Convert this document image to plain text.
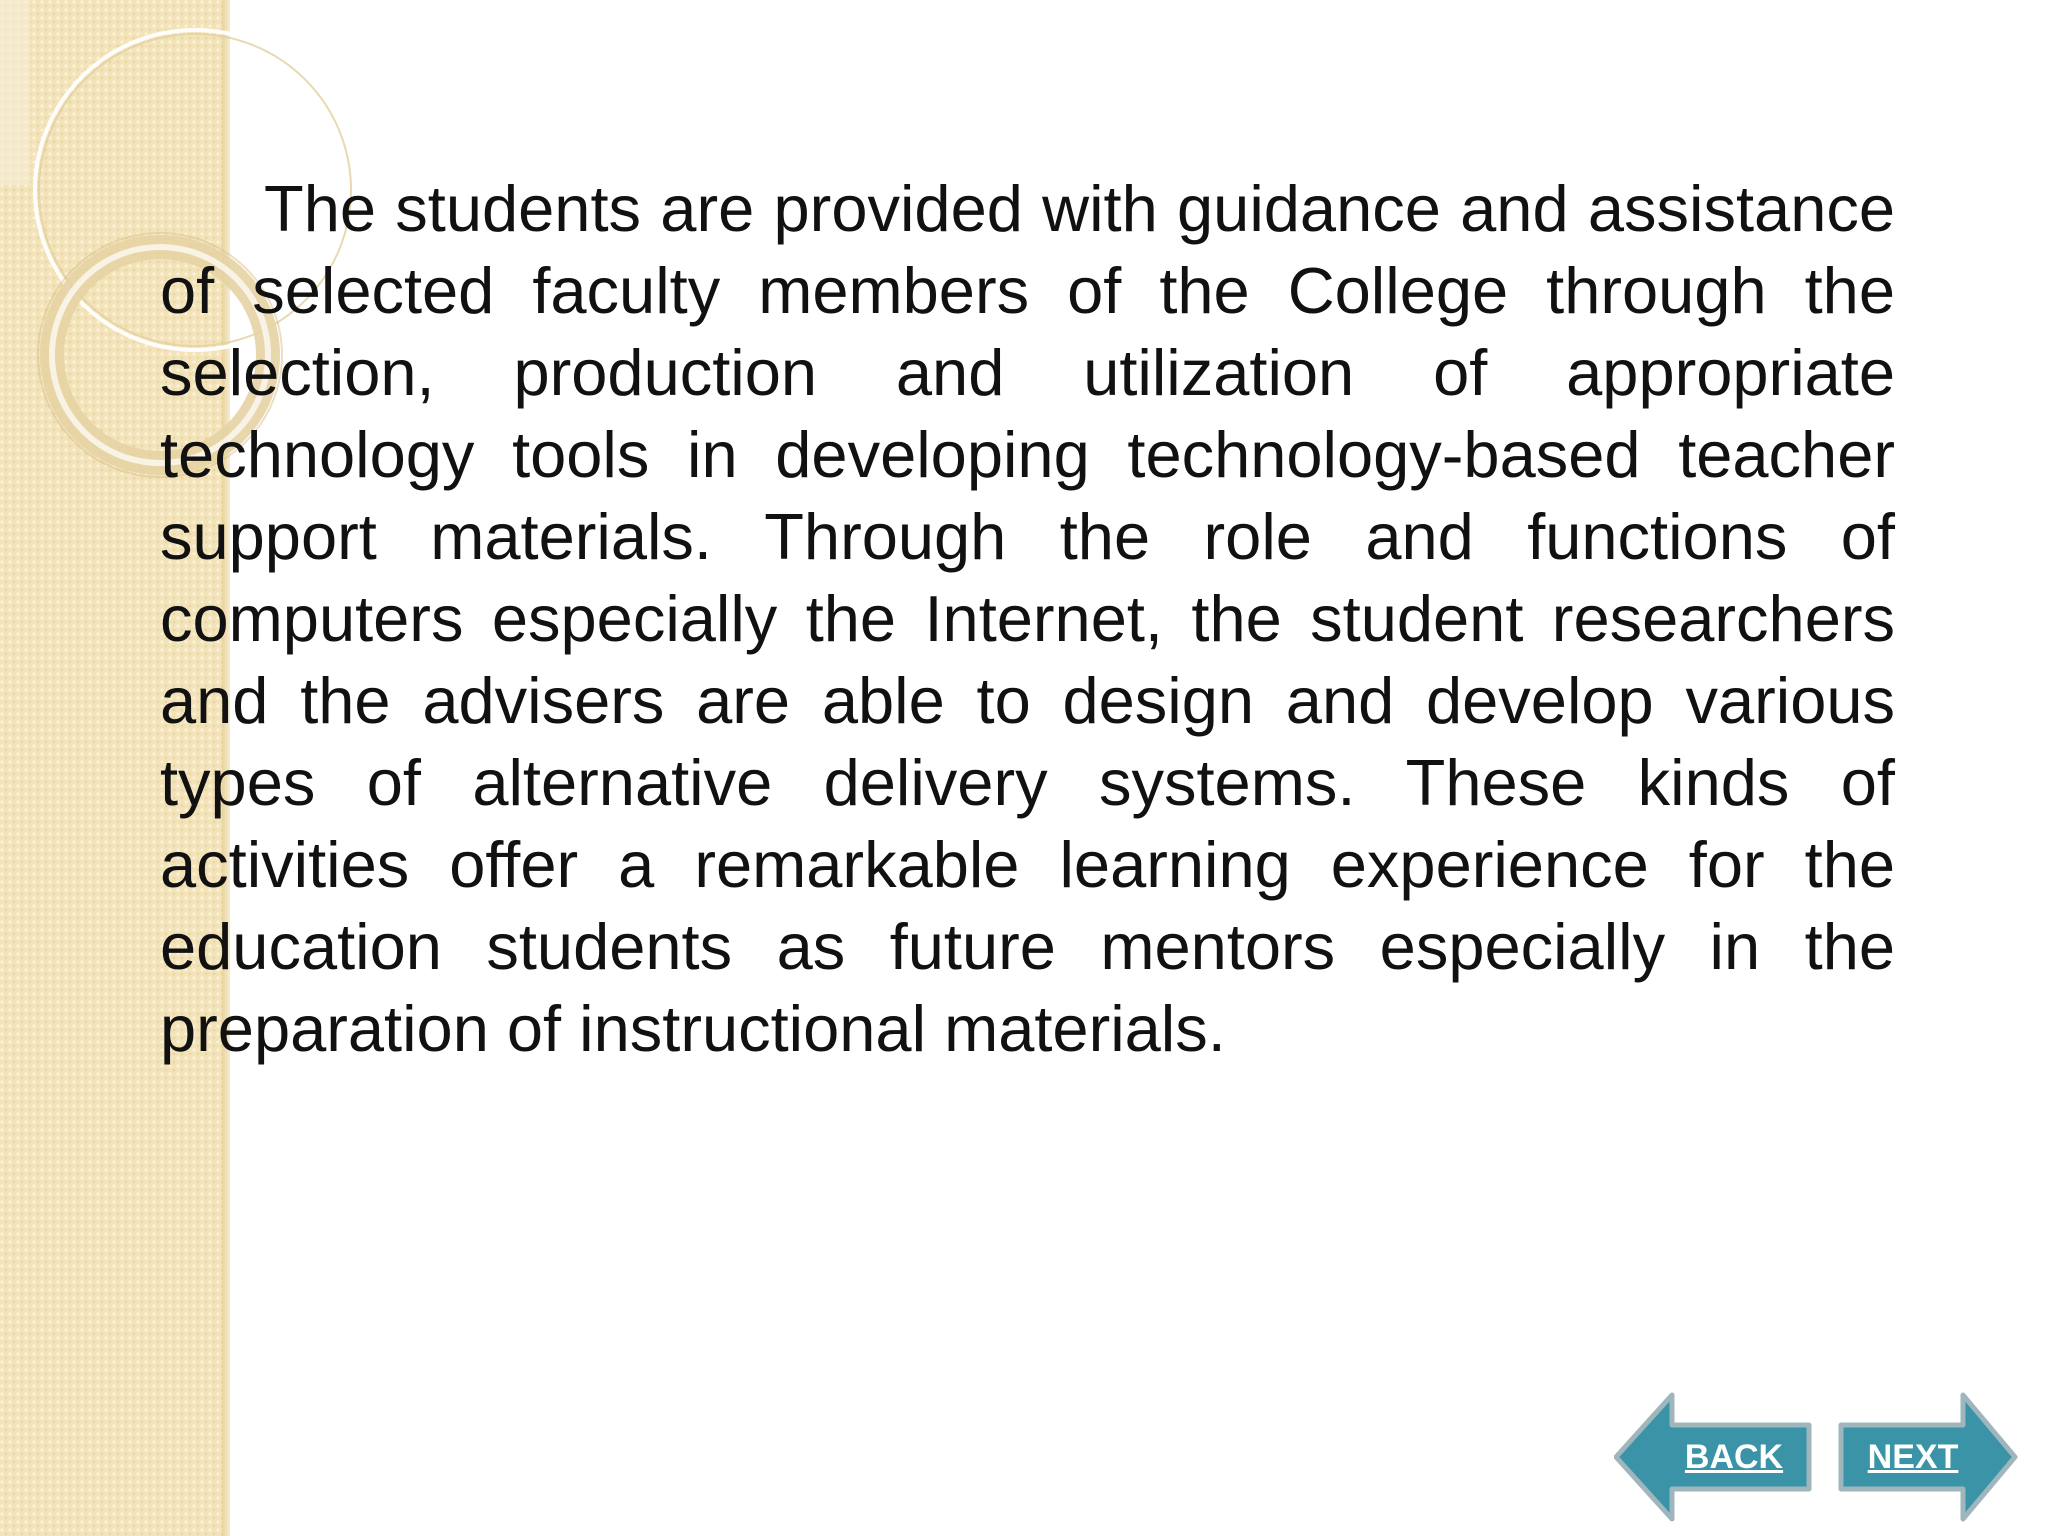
The students are provided with guidance and assistance of selected faculty members of the College through the selection, production and utilization of appropriate technology tools in developing technology-based teacher support materials. Through the role and functions of computers especially the Internet, the student researchers and the advisers are able to design and develop various types of alternative delivery systems. These kinds of activities offer a remarkable learning experience for the education students as future mentors especially in the preparation of instructional materials.

BACK	NEXT
